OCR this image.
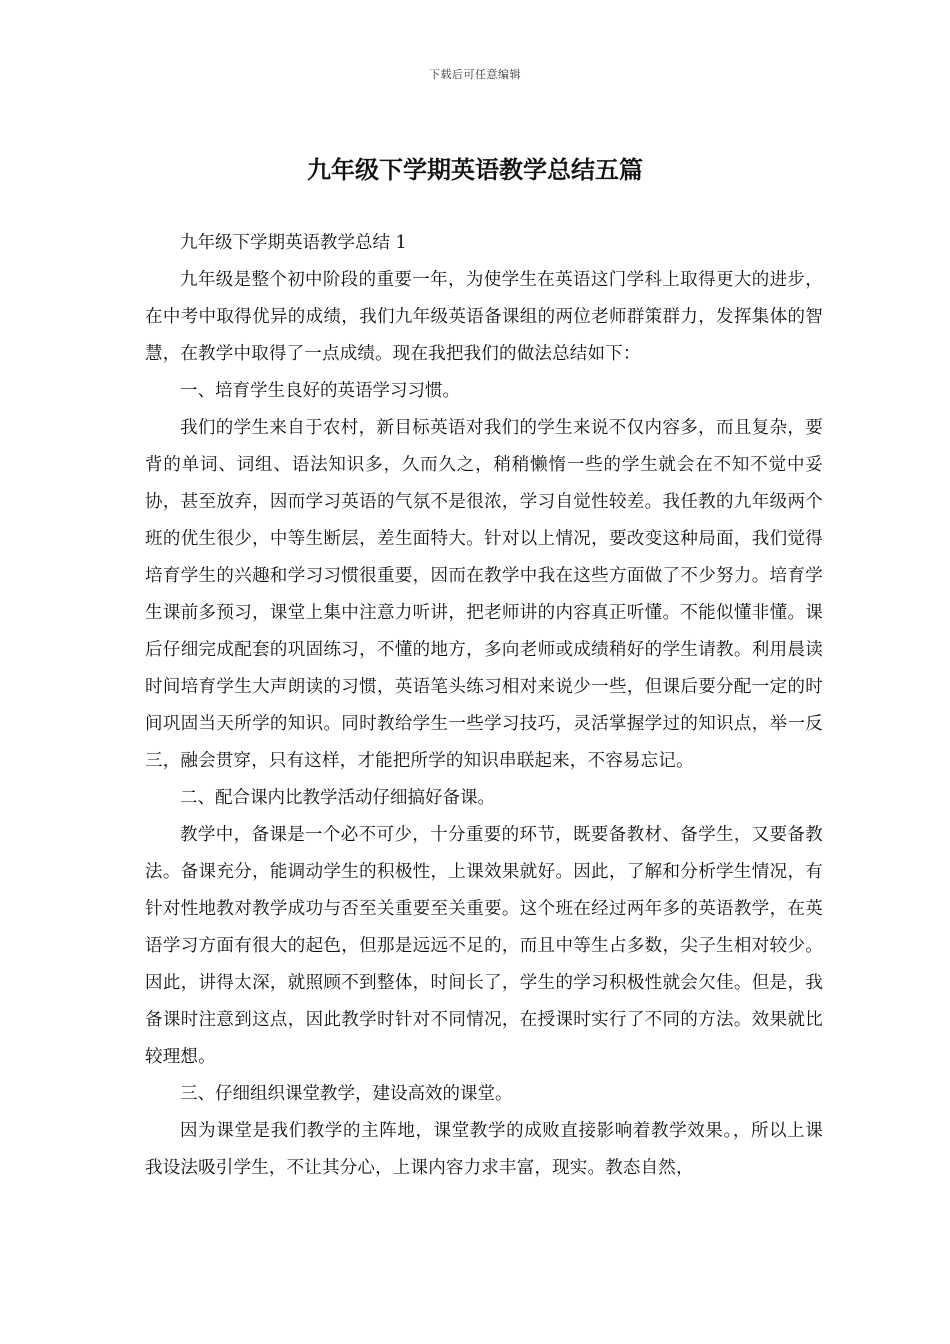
下载后可任意编辑
九年级下学期英语教学总结五篇

九年级下学期英语教学总结 1

九年级是整个初中阶段的重要一年，为使学生在英语这门学科上取得更大的进步，在中考中取得优异的成绩，我们九年级英语备课组的两位老师群策群力，发挥集体的智慧，在教学中取得了一点成绩。现在我把我们的做法总结如下：

一、培育学生良好的英语学习习惯。

我们的学生来自于农村，新目标英语对我们的学生来说不仅内容多，而且复杂，要背的单词、词组、语法知识多，久而久之，稍稍懒惰一些的学生就会在不知不觉中妥协，甚至放弃，因而学习英语的气氛不是很浓，学习自觉性较差。我任教的九年级两个班的优生很少，中等生断层，差生面特大。针对以上情况，要改变这种局面，我们觉得培育学生的兴趣和学习习惯很重要，因而在教学中我在这些方面做了不少努力。培育学生课前多预习，课堂上集中注意力听讲，把老师讲的内容真正听懂。不能似懂非懂。课后仔细完成配套的巩固练习，不懂的地方，多向老师或成绩稍好的学生请教。利用晨读时间培育学生大声朗读的习惯，英语笔头练习相对来说少一些，但课后要分配一定的时间巩固当天所学的知识。同时教给学生一些学习技巧，灵活掌握学过的知识点，举一反三，融会贯穿，只有这样，才能把所学的知识串联起来，不容易忘记。

二、配合课内比教学活动仔细搞好备课。

教学中，备课是一个必不可少，十分重要的环节，既要备教材、备学生，又要备教法。备课充分，能调动学生的积极性，上课效果就好。因此，了解和分析学生情况，有针对性地教对教学成功与否至关重要至关重要。这个班在经过两年多的英语教学，在英语学习方面有很大的起色，但那是远远不足的，而且中等生占多数，尖子生相对较少。因此，讲得太深，就照顾不到整体，时间长了，学生的学习积极性就会欠佳。但是，我备课时注意到这点，因此教学时针对不同情况，在授课时实行了不同的方法。效果就比较理想。

三、仔细组织课堂教学，建设高效的课堂。

因为课堂是我们教学的主阵地，课堂教学的成败直接影响着教学效果。，所以上课我设法吸引学生，不让其分心，上课内容力求丰富，现实。教态自然，
